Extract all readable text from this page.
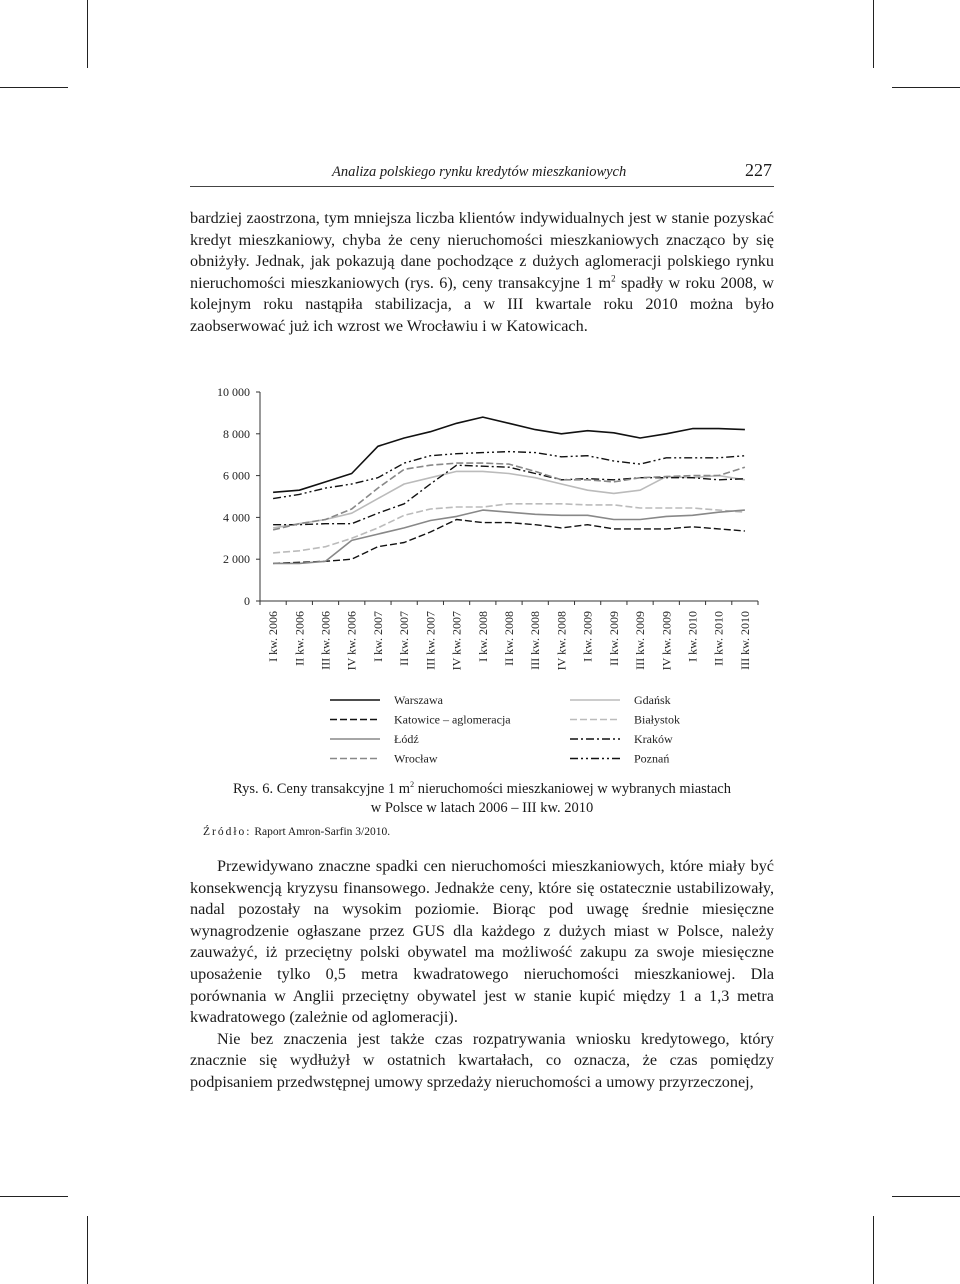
Analiza polskiego rynku kredytów mieszkaniowych	227

bardziej zaostrzona, tym mniejsza liczba klientów indywidualnych jest w stanie pozyskać kredyt mieszkaniowy, chyba że ceny nieruchomości mieszkaniowych znacząco by się obniżyły. Jednak, jak pokazują dane pochodzące z dużych aglomeracji polskiego rynku nieruchomości mieszkaniowych (rys. 6), ceny transakcyjne 1 $m^2$ spadły w roku 2008, w kolejnym roku nastąpiła stabilizacja, a w III kwartale roku 2010 można było zaobserwować już ich wzrost we Wrocławiu i w Katowicach.

0
2 000
4 000
6 000
8 000
10 000
I kw. 2006 II kw. 2006 III kw. 2006 IV kw. 2006 I kw. 2007 II kw. 2007 III kw. 2007 IV kw. 2007 I kw. 2008 II kw. 2008 III kw. 2008 IV kw. 2008 I kw. 2009 II kw. 2009 III kw. 2009 IV kw. 2009 I kw. 2010 II kw. 2010 III kw. 2010
Warszawa	Gdańsk
Katowice – aglomeracja	Białystok
Łódź	Kraków
Wrocław	Poznań
Rys. 6. Ceny transakcyjne 1 $m^2$ nieruchomości mieszkaniowej w wybranych miastach
w Polsce w latach 2006 – III kw. 2010
Źródło: Raport Amron-Sarfin 3/2010.

Przewidywano znaczne spadki cen nieruchomości mieszkaniowych, które miały być konsekwencją kryzysu finansowego. Jednakże ceny, które się ostatecznie ustabilizowały, nadal pozostały na wysokim poziomie. Biorąc pod uwagę średnie miesięczne wynagrodzenie ogłaszane przez GUS dla każdego z dużych miast w Polsce, należy zauważyć, iż przeciętny polski obywatel ma możliwość zakupu za swoje miesięczne uposażenie tylko 0,5 metra kwadratowego nieruchomości mieszkaniowej. Dla porównania w Anglii przeciętny obywatel jest w stanie kupić między 1 a 1,3 metra kwadratowego (zależnie od aglomeracji).

Nie bez znaczenia jest także czas rozpatrywania wniosku kredytowego, który znacznie się wydłużył w ostatnich kwartałach, co oznacza, że czas pomiędzy podpisaniem przedwstępnej umowy sprzedaży nieruchomości a umowy przyrzeczonej,
